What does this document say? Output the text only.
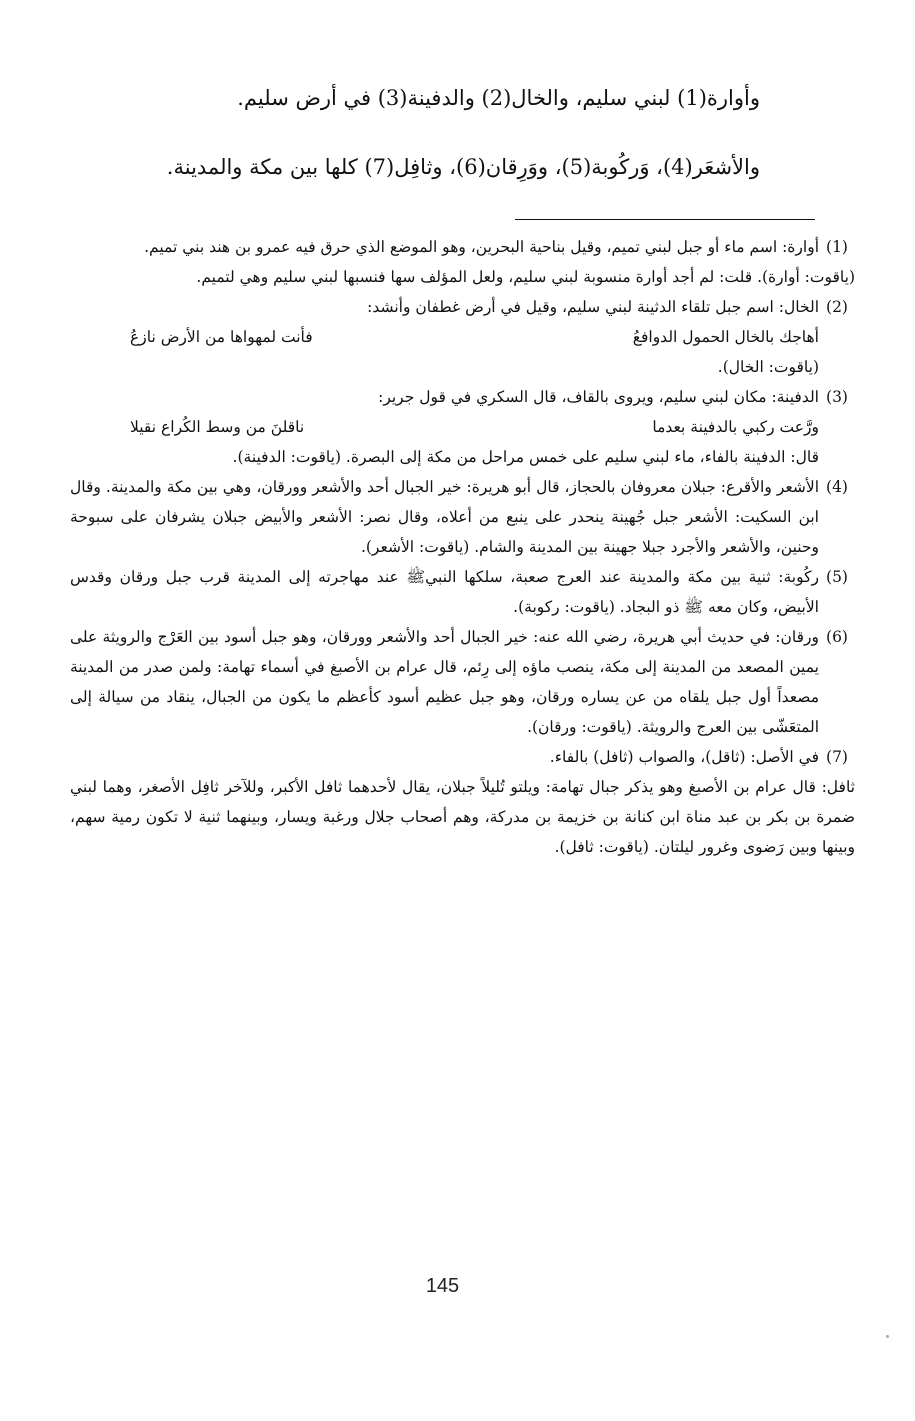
وأوارة(1) لبني سليم، والخال(2) والدفينة(3) في أرض سليم.
والأشعَر(4)، وَركُوبة(5)، ووَرِقان(6)، وثافِل(7) كلها بين مكة والمدينة.
(1)

أوارة: اسم ماء أو جبل لبني تميم، وقيل بناحية البحرين، وهو الموضع الذي حرق فيه عمرو بن هند بني تميم.

(ياقوت: أوارة). قلت: لم أجد أوارة منسوبة لبني سليم، ولعل المؤلف سها فنسبها لبني سليم وهي لتميم.

(2)

الخال: اسم جبل تلقاء الدثينة لبني سليم، وقيل في أرض غطفان وأنشد:

أهاجك بالخال الحمول الدوافعُ
فأنت لمهواها من الأرض نازعُ

(ياقوت: الخال).

(3)

الدفينة: مكان لبني سليم، ويروى بالقاف، قال السكري في قول جرير:

ورَّعت ركبي بالدفينة بعدما
ناقلنَ من وسط الكُراع نقيلا

قال: الدفينة بالفاء، ماء لبني سليم على خمس مراحل من مكة إلى البصرة. (ياقوت: الدفينة).

(4)

الأشعر والأقرع: جبلان معروفان بالحجاز، قال أبو هريرة: خير الجبال أحد والأشعر وورقان، وهي بين مكة والمدينة. وقال ابن السكيت: الأشعر جبل جُهينة ينحدر على ينبع من أعلاه، وقال نصر: الأشعر والأبيض جبلان يشرفان على سبوحة وحنين، والأشعر والأجرد جبلا جهينة بين المدينة والشام. (ياقوت: الأشعر).

(5)

ركُوبة: ثنية بين مكة والمدينة عند العرج صعبة، سلكها النبيﷺ عند مهاجرته إلى المدينة قرب جبل ورقان وقدس الأبيض، وكان معه ﷺ ذو البجاد. (ياقوت: ركوبة).

(6)

ورقان: في حديث أبي هريرة، رضي الله عنه: خير الجبال أحد والأشعر وورقان، وهو جبل أسود بين العَرْج والرويثة على يمين المصعد من المدينة إلى مكة، ينصب ماؤه إلى رِئم، قال عرام بن الأصبغ في أسماء تهامة: ولمن صدر من المدينة مصعداً أول جبل يلقاه من عن يساره ورقان، وهو جبل عظيم أسود كأعظم ما يكون من الجبال، ينقاد من سيالة إلى المتعَشّى بين العرج والرويثة. (ياقوت: ورقان).

(7)

في الأصل: (ثاقل)، والصواب (ثافل) بالفاء.

ثافل: قال عرام بن الأصبغ وهو يذكر جبال تهامة: ويلتو تُليلاً جبلان، يقال لأحدهما ثافل الأكبر، وللآخر ثافِل الأصغر، وهما لبني ضمرة بن بكر بن عبد مناة ابن كنانة بن خزيمة بن مدركة، وهم أصحاب جلال ورغبة ويسار، وبينهما ثنية لا تكون رمية سهم، وبينها وبين رَضوى وغرور ليلتان. (ياقوت: ثافل).

145
